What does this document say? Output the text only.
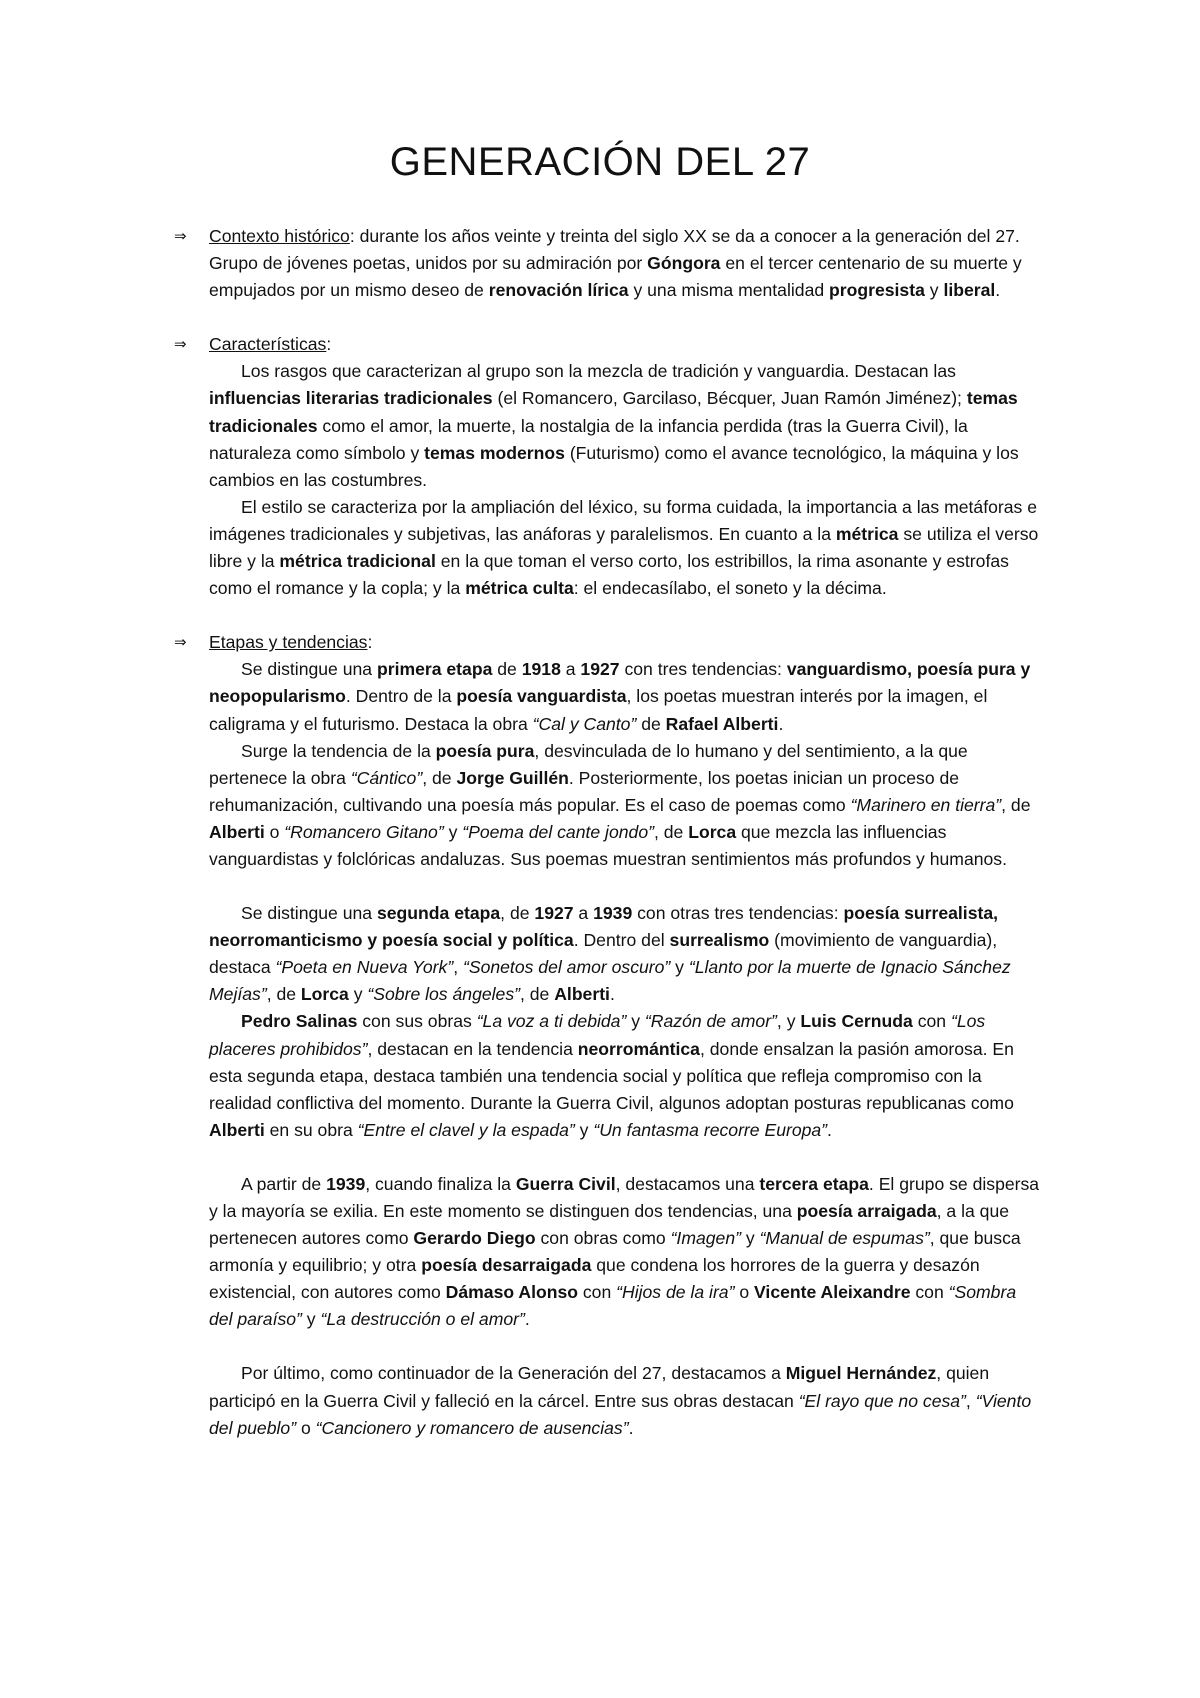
GENERACIÓN DEL 27

⇒ Contexto histórico: durante los años veinte y treinta del siglo XX se da a conocer a la generación del 27. Grupo de jóvenes poetas, unidos por su admiración por Góngora en el tercer centenario de su muerte y empujados por un mismo deseo de renovación lírica y una misma mentalidad progresista y liberal.

⇒ Características:

Los rasgos que caracterizan al grupo son la mezcla de tradición y vanguardia. Destacan las influencias literarias tradicionales (el Romancero, Garcilaso, Bécquer, Juan Ramón Jiménez); temas tradicionales como el amor, la muerte, la nostalgia de la infancia perdida (tras la Guerra Civil), la naturaleza como símbolo y temas modernos (Futurismo) como el avance tecnológico, la máquina y los cambios en las costumbres.

El estilo se caracteriza por la ampliación del léxico, su forma cuidada, la importancia a las metáforas e imágenes tradicionales y subjetivas, las anáforas y paralelismos. En cuanto a la métrica se utiliza el verso libre y la métrica tradicional en la que toman el verso corto, los estribillos, la rima asonante y estrofas como el romance y la copla; y la métrica culta: el endecasílabo, el soneto y la décima.

⇒ Etapas y tendencias:

Se distingue una primera etapa de 1918 a 1927 con tres tendencias: vanguardismo, poesía pura y neopopularismo. Dentro de la poesía vanguardista, los poetas muestran interés por la imagen, el caligrama y el futurismo. Destaca la obra “Cal y Canto” de Rafael Alberti.

Surge la tendencia de la poesía pura, desvinculada de lo humano y del sentimiento, a la que pertenece la obra “Cántico”, de Jorge Guillén. Posteriormente, los poetas inician un proceso de rehumanización, cultivando una poesía más popular. Es el caso de poemas como “Marinero en tierra”, de Alberti o “Romancero Gitano” y “Poema del cante jondo”, de Lorca que mezcla las influencias vanguardistas y folclóricas andaluzas. Sus poemas muestran sentimientos más profundos y humanos.

Se distingue una segunda etapa, de 1927 a 1939 con otras tres tendencias: poesía surrealista, neorromanticismo y poesía social y política. Dentro del surrealismo (movimiento de vanguardia), destaca “Poeta en Nueva York”, “Sonetos del amor oscuro” y “Llanto por la muerte de Ignacio Sánchez Mejías”, de Lorca y “Sobre los ángeles”, de Alberti.

Pedro Salinas con sus obras “La voz a ti debida” y “Razón de amor”, y Luis Cernuda con “Los placeres prohibidos”, destacan en la tendencia neorromántica, donde ensalzan la pasión amorosa. En esta segunda etapa, destaca también una tendencia social y política que refleja compromiso con la realidad conflictiva del momento. Durante la Guerra Civil, algunos adoptan posturas republicanas como Alberti en su obra “Entre el clavel y la espada” y “Un fantasma recorre Europa”.

A partir de 1939, cuando finaliza la Guerra Civil, destacamos una tercera etapa. El grupo se dispersa y la mayoría se exilia. En este momento se distinguen dos tendencias, una poesía arraigada, a la que pertenecen autores como Gerardo Diego con obras como “Imagen” y “Manual de espumas”, que busca armonía y equilibrio; y otra poesía desarraigada que condena los horrores de la guerra y desazón existencial, con autores como Dámaso Alonso con “Hijos de la ira” o Vicente Aleixandre con “Sombra del paraíso” y “La destrucción o el amor”.

Por último, como continuador de la Generación del 27, destacamos a Miguel Hernández, quien participó en la Guerra Civil y falleció en la cárcel. Entre sus obras destacan “El rayo que no cesa”, “Viento del pueblo” o “Cancionero y romancero de ausencias”.
